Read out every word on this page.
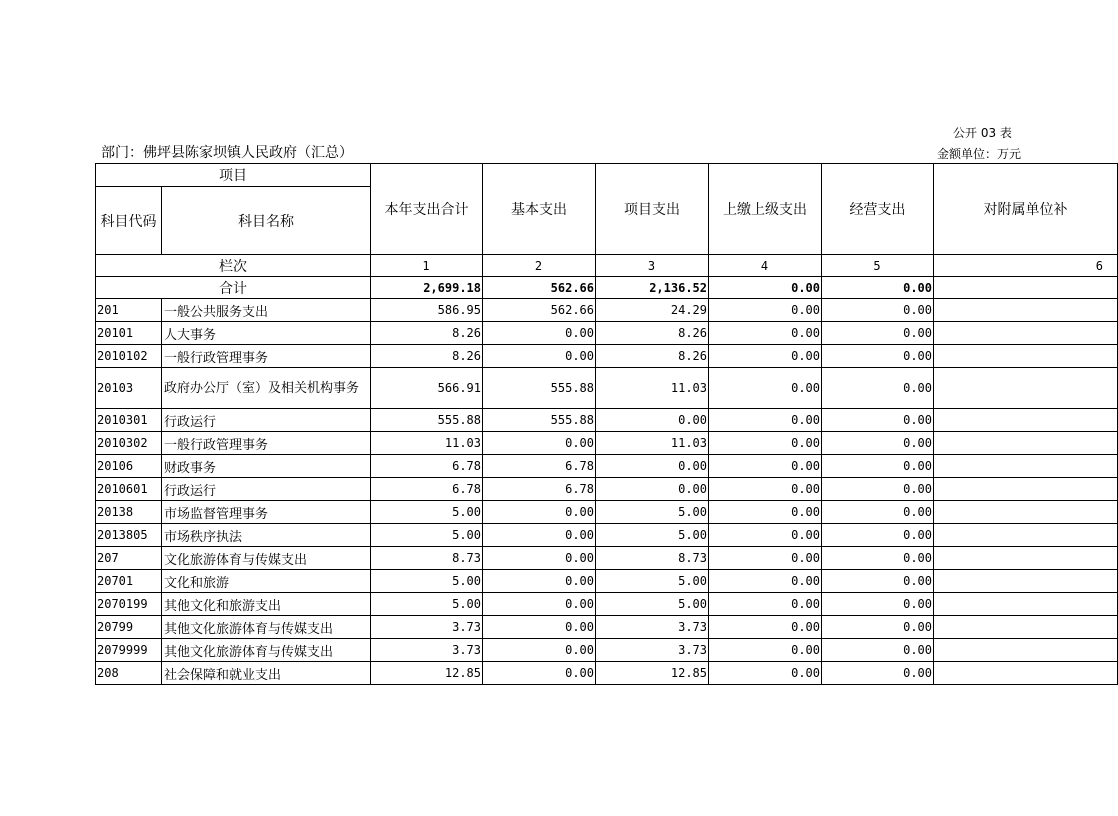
公开 03 表
部门：佛坪县陈家坝镇人民政府（汇总）	金额单位：万元
项目		本年支出合计	基本支出	项目支出	上缴上级支出	经营支出	对附属单位补
科目代码	科目名称						
栏次		1	2	3	4	5	6
合计		2,699.18	562.66	2,136.52	0.00	0.00	
201	一般公共服务支出	586.95	562.66	24.29	0.00	0.00	
20101	人大事务	8.26	0.00	8.26	0.00	0.00	
2010102	一般行政管理事务	8.26	0.00	8.26	0.00	0.00	
20103	政府办公厅（室）及相关机构事务	566.91	555.88	11.03	0.00	0.00	
2010301	行政运行	555.88	555.88	0.00	0.00	0.00	
2010302	一般行政管理事务	11.03	0.00	11.03	0.00	0.00	
20106	财政事务	6.78	6.78	0.00	0.00	0.00	
2010601	行政运行	6.78	6.78	0.00	0.00	0.00	
20138	市场监督管理事务	5.00	0.00	5.00	0.00	0.00	
2013805	市场秩序执法	5.00	0.00	5.00	0.00	0.00	
207	文化旅游体育与传媒支出	8.73	0.00	8.73	0.00	0.00	
20701	文化和旅游	5.00	0.00	5.00	0.00	0.00	
2070199	其他文化和旅游支出	5.00	0.00	5.00	0.00	0.00	
20799	其他文化旅游体育与传媒支出	3.73	0.00	3.73	0.00	0.00	
2079999	其他文化旅游体育与传媒支出	3.73	0.00	3.73	0.00	0.00	
208	社会保障和就业支出	12.85	0.00	12.85	0.00	0.00	
